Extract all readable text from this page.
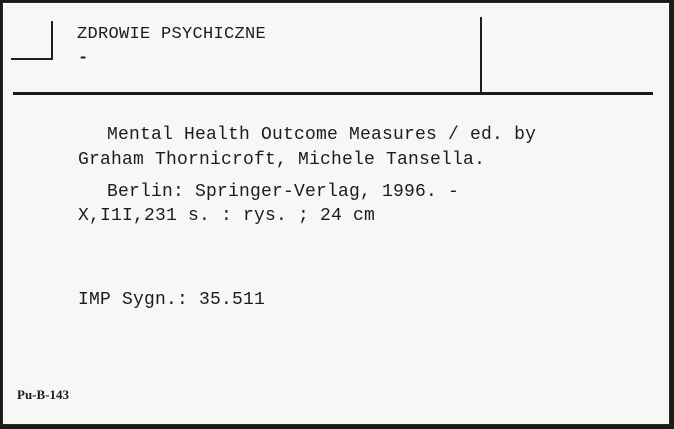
ZDROWIE PSYCHICZNE
-
Mental Health Outcome Measures / ed. by
Graham Thornicroft, Michele Tansella.
Berlin: Springer-Verlag, 1996. -
X,I1I,231 s. : rys. ; 24 cm
IMP Sygn.: 35.511
Pu-B-143
